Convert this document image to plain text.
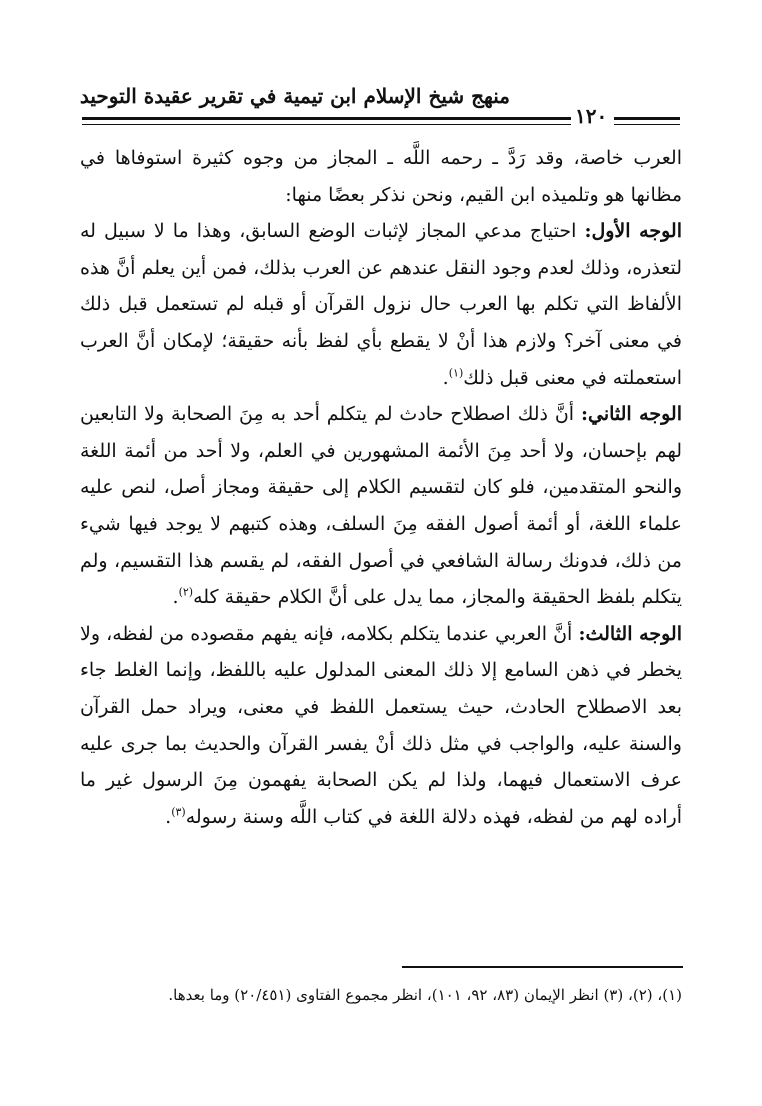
منهج شيخ الإسلام ابن تيمية في تقرير عقيدة التوحيد
١٢٠

العرب خاصة، وقد رَدَّ ـ رحمه اللَّه ـ المجاز من وجوه كثيرة استوفاها في مظانها هو وتلميذه ابن القيم، ونحن نذكر بعضًا منها:

الوجه الأول: احتياج مدعي المجاز لإثبات الوضع السابق، وهذا ما لا سبيل له لتعذره، وذلك لعدم وجود النقل عندهم عن العرب بذلك، فمن أين يعلم أنَّ هذه الألفاظ التي تكلم بها العرب حال نزول القرآن أو قبله لم تستعمل قبل ذلك في معنى آخر؟ ولازم هذا أنْ لا يقطع بأي لفظ بأنه حقيقة؛ لإمكان أنَّ العرب استعملته في معنى قبل ذلك$^{(١)}$.

الوجه الثاني: أنَّ ذلك اصطلاح حادث لم يتكلم أحد به مِنَ الصحابة ولا التابعين لهم بإحسان، ولا أحد مِنَ الأئمة المشهورين في العلم، ولا أحد من أئمة اللغة والنحو المتقدمين، فلو كان لتقسيم الكلام إلى حقيقة ومجاز أصل، لنص عليه علماء اللغة، أو أئمة أصول الفقه مِنَ السلف، وهذه كتبهم لا يوجد فيها شيء من ذلك، فدونك رسالة الشافعي في أصول الفقه، لم يقسم هذا التقسيم، ولم يتكلم بلفظ الحقيقة والمجاز، مما يدل على أنَّ الكلام حقيقة كله$^{(٢)}$.

الوجه الثالث: أنَّ العربي عندما يتكلم بكلامه، فإنه يفهم مقصوده من لفظه، ولا يخطر في ذهن السامع إلا ذلك المعنى المدلول عليه باللفظ، وإنما الغلط جاء بعد الاصطلاح الحادث، حيث يستعمل اللفظ في معنى، ويراد حمل القرآن والسنة عليه، والواجب في مثل ذلك أنْ يفسر القرآن والحديث بما جرى عليه عرف الاستعمال فيهما، ولذا لم يكن الصحابة يفهمون مِنَ الرسول غير ما أراده لهم من لفظه، فهذه دلالة اللغة في كتاب اللَّه وسنة رسوله$^{(٣)}$.

(١)، (٢)، (٣) انظر الإيمان (٨٣، ٩٢، ١٠١)، انظر مجموع الفتاوى (٢٠/٤٥١) وما بعدها.
